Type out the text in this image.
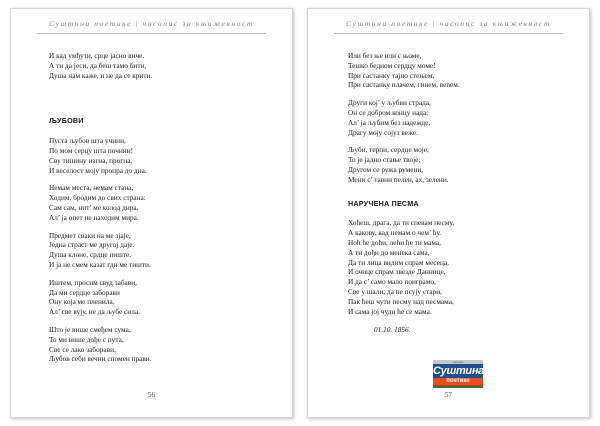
Суштина поетике | часопис за књижевност
И кад умђути, срце јасно виче.
А ти да јеси, да беш тамо бити,
Душа нам каже, и не да се крити.
ЉУБОВИ
Пуста љубов шта учини,
По мом серцу шта почини!
Сву тишину изгна, прогна,
И веселост мoју пропра до дна.
Немам места, немам стана,
Ходим, бродим до свих страна:
Сам сам, нит’ ме колод дира,
Ал’ ја опет не находим мира.
Предмет свaки на ме зјаје,
Једна страст ме другој даје.
Душа клоне, срдце пиште,
И ја не смем казат гди ме тишти.
Иштем, просим свуд забави,
Да ми сердце заборави
Ону која ме пленила,
Ал’ све вују, не да љубе сила.
Што је више смеђем сума,
То ми више дође с пута,
Све се лако заборави,
Љубов себи вечни спомен прави.
56
Суштина поетике | часопис за књижевност
Или без ње или с њоме,
Тешко бедном сердцу моме!
При састанку тајно стењем,
При састанку плачем, гинем, веnем.
Други кој’ у љубви страда,
Он се добром концу нада;
Ал’ ја љубим без надежде,
Драгу мoју сојуз веже.
Љуби, терпи, сердце моје,
То је јадно стање твоје;
Другом се ружа румени,
Мени с’ тавни пелен, ах, зелени.
НАРУЧЕНА ПЕСМА
Хоћеш, драга, да ти спевам песму,
А какову, кад немам о чем’ ћу.
Ноћ ће доћи, лећи ће ти мама,
А ти дођи до менека сама,
Да ти лица видим спрам месеца,
И очице спрам звезде Даннице,
И да с’ само мало поиграмо,
Све у шали, да не псују стари,
Пак ћеш чути песму над песмама,
И сама јој чуди ће се мама.
01.10. 1856.
часопис
Суштина
поетике
57
